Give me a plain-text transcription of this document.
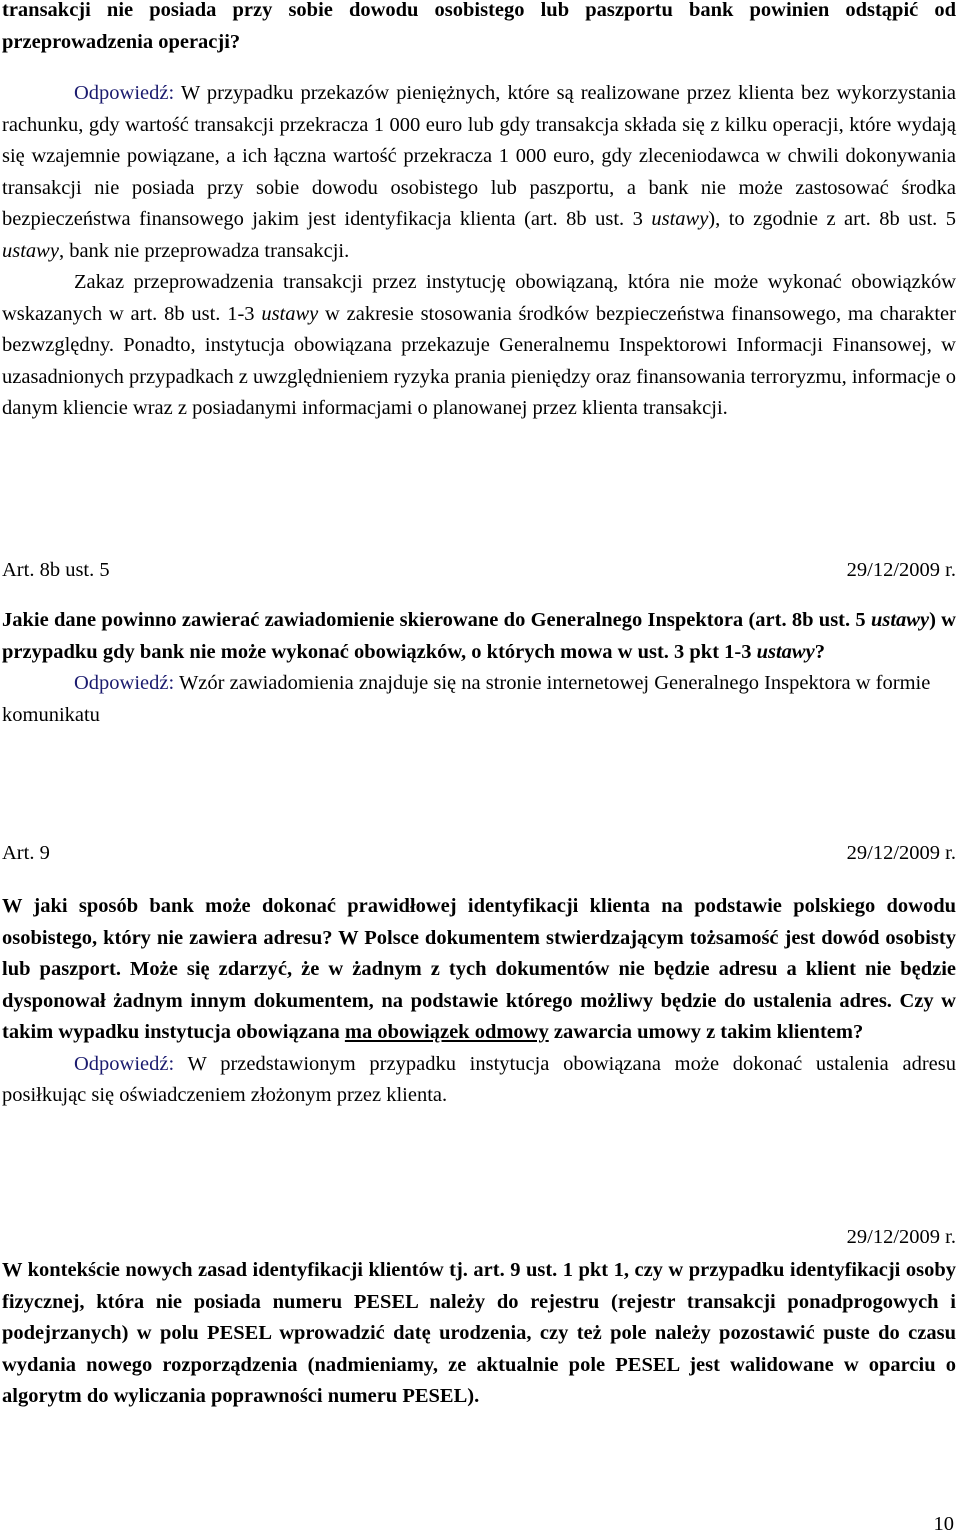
transakcji nie posiada przy sobie dowodu osobistego lub paszportu bank powinien odstąpić od przeprowadzenia operacji?

Odpowiedź: W przypadku przekazów pieniężnych, które są realizowane przez klienta bez wykorzystania rachunku, gdy wartość transakcji przekracza 1 000 euro lub gdy transakcja składa się z kilku operacji, które wydają się wzajemnie powiązane, a ich łączna wartość przekracza 1 000 euro, gdy zleceniodawca w chwili dokonywania transakcji nie posiada przy sobie dowodu osobistego lub paszportu, a bank nie może zastosować środka bezpieczeństwa finansowego jakim jest identyfikacja klienta (art. 8b ust. 3 ustawy), to zgodnie z art. 8b ust. 5 ustawy, bank nie przeprowadza transakcji.

Zakaz przeprowadzenia transakcji przez instytucję obowiązaną, która nie może wykonać obowiązków wskazanych w art. 8b ust. 1-3 ustawy w zakresie stosowania środków bezpieczeństwa finansowego, ma charakter bezwzględny. Ponadto, instytucja obowiązana przekazuje Generalnemu Inspektorowi Informacji Finansowej, w uzasadnionych przypadkach z uwzględnieniem ryzyka prania pieniędzy oraz finansowania terroryzmu, informacje o danym kliencie wraz z posiadanymi informacjami o planowanej przez klienta transakcji.

Art. 8b ust. 5	29/12/2009 r.

Jakie dane powinno zawierać zawiadomienie skierowane do Generalnego Inspektora (art. 8b ust. 5 ustawy) w przypadku gdy bank nie może wykonać obowiązków, o których mowa w ust. 3 pkt 1-3 ustawy?

Odpowiedź: Wzór zawiadomienia znajduje się na stronie internetowej Generalnego Inspektora w formie komunikatu

Art. 9	29/12/2009 r.

W jaki sposób bank może dokonać prawidłowej identyfikacji klienta na podstawie polskiego dowodu osobistego, który nie zawiera adresu? W Polsce dokumentem stwierdzającym tożsamość jest dowód osobisty lub paszport. Może się zdarzyć, że w żadnym z tych dokumentów nie będzie adresu a klient nie będzie dysponował żadnym innym dokumentem, na podstawie którego możliwy będzie do ustalenia adres. Czy w takim wypadku instytucja obowiązana ma obowiązek odmowy zawarcia umowy z takim klientem?

Odpowiedź: W przedstawionym przypadku instytucja obowiązana może dokonać ustalenia adresu posiłkując się oświadczeniem złożonym przez klienta.

29/12/2009 r.

W kontekście nowych zasad identyfikacji klientów tj. art. 9 ust. 1 pkt 1, czy w przypadku identyfikacji osoby fizycznej, która nie posiada numeru PESEL należy do rejestru (rejestr transakcji ponadprogowych i podejrzanych) w polu PESEL wprowadzić datę urodzenia, czy też pole należy pozostawić puste do czasu wydania nowego rozporządzenia (nadmieniamy, ze aktualnie pole PESEL jest walidowane w oparciu o algorytm do wyliczania poprawności numeru PESEL).

10
